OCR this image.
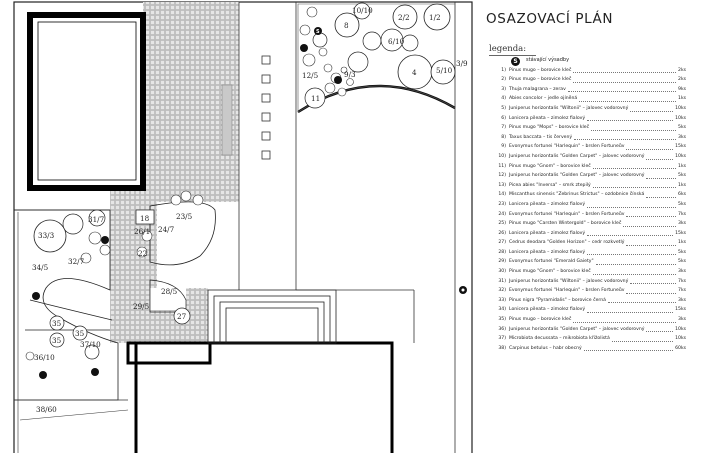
2/2	1/2
10/10
8
6/10
4	5/10
3/9
11
12/5	9/3
33/3
31/7
32/7
34/5
18	23/5
26/1 24/7
22
28/5
29/5
27
35
35
35
36/10
37/10
38/60
S
OSAZOVACÍ PLÁN
legenda:
S	stávající výsadby
1) Pinus mugo – borovice kleč	2ks
2) Pinus mugo – borovice kleč	2ks
3) Thuja malagrana – zerav	9ks
4) Abies concolor – jedle ojíněná	1ks
5) Juniperus horizontalis "Wiltonii" – jalovec vodorovný	10ks
6) Lonicera pileata – zimolez fialový	10ks
7) Pinus mugo "Mops" – borovice kleč	5ks
8) Taxus baccata – tis červený	3ks
9) Evonymus fortunei "Harlequin" – brslen Fortuneův	15ks
10) Juniperus horizontalis "Golden Carpet" – jalovec vodorovný	10ks
11) Pinus mugo "Gnom" – borovice kleč	1ks
12) Juniperus horizontalis "Golden Carpet" – jalovec vodorovný	5ks
13) Picea abies "Inversa" – smrk ztepilý	1ks
14) Miscanthus sinensis "Zebrinus Strictus" – ozdobnice čínská	6ks
23) Lonicera pileata – zimolez fialový	5ks
24) Evonymus fortunei "Harlequin" – brslen Fortuneův	7ks
25) Pinus mugo "Carsten Wintergold" – borovice kleč	3ks
26) Lonicera pileata – zimolez fialový	15ks
27) Cedrus deodara "Golden Horizon" – cedr rozkvetlý	1ks
28) Lonicera pileata – zimolez fialový	5ks
29) Evonymus fortunei "Emerald Gaiety"	5ks
30) Pinus mugo "Gnom" – borovice kleč	3ks
31) Juniperus horizontalis "Wiltonii" – jalovec vodorovný	7ks
32) Evonymus fortunei "Harlequin" – brslen Fortuneův	7ks
33) Pinus nigra "Pyramidalis" – borovice černá	3ks
34) Lonicera pileata – zimolez fialový	15ks
35) Pinus mugo – borovice kleč	3ks
36) Juniperus horizontalis "Golden Carpet" – jalovec vodorovný	10ks
37) Microbiota decussata – mikrobiota křižolistá	10ks
38) Carpinus betulus – habr obecný	60ks
